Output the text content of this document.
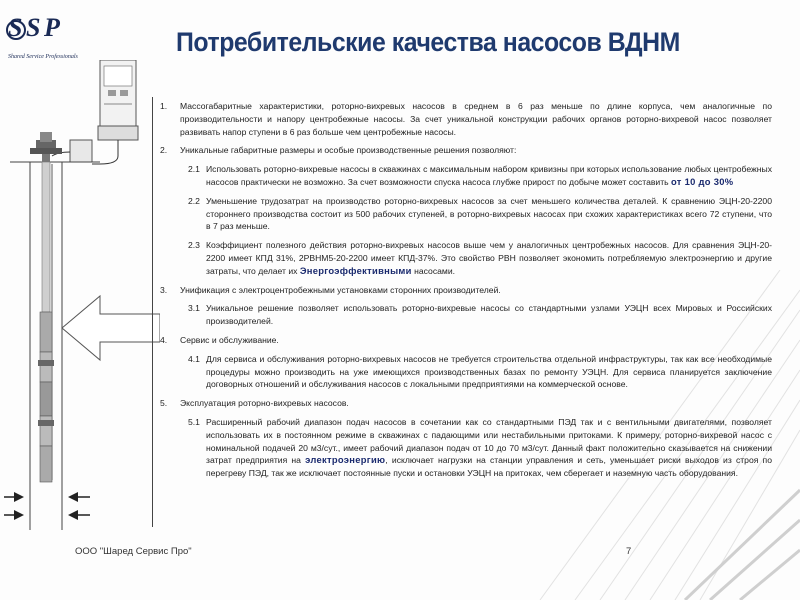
S S P
Shared Service Professionals	Потребительские качества насосов ВДНМ
1.	Массогабаритные характеристики, роторно-вихревых насосов в среднем в 6 раз меньше по длине корпуса, чем аналогичные по производительности и напору центробежные насосы. За счет уникальной конструкции рабочих органов роторно-вихревой насос позволяет развивать напор ступени в 6 раз больше чем центробежные насосы.
2.	Уникальные габаритные размеры и особые производственные решения позволяют:
2.1 Использовать роторно-вихревые насосы в скважинах с максимальным набором кривизны при которых использование любых центробежных насосов практически не возможно. За счет возможности спуска насоса глубже прирост по добыче может составить от 10 до 30%
2.2 Уменьшение трудозатрат на производство роторно-вихревых насосов за счет меньшего количества деталей. К сравнению ЭЦН-20-2200 стороннего производства состоит из 500 рабочих ступеней, в роторно-вихревых насосах при схожих характеристиках всего 72 ступени, что в 7 раз меньше.
2.3 Коэффициент полезного действия роторно-вихревых насосов выше чем у аналогичных центробежных насосов. Для сравнения ЭЦН-20-2200 имеет КПД 31%, 2РВНМ5-20-2200 имеет КПД-37%. Это свойство РВН позволяет экономить потребляемую электроэнергию и другие затраты, что делает их Энергоэффективными насосами.
3.	Унификация с электроцентробежными установками сторонних производителей.
3.1 Уникальное решение позволяет использовать роторно-вихревые насосы со стандартными узлами УЭЦН всех Мировых и Российских производителей.
4.	Сервис и обслуживание.
4.1 Для сервиса и обслуживания роторно-вихревых насосов не требуется строительства отдельной инфраструктуры, так как все необходимые процедуры можно производить на уже имеющихся производственных базах по ремонту УЭЦН. Для сервиса планируется заключение договорных отношений и обслуживания насосов с локальными предприятиями на коммерческой основе.
5.	Эксплуатация роторно-вихревых насосов.
5.1 Расширенный рабочий диапазон подач насосов в сочетании как со стандартными ПЭД так и с вентильными двигателями, позволяет использовать их в постоянном режиме в скважинах с падающими или нестабильными притоками. К примеру, роторно-вихревой насос с номинальной подачей 20 м3/сут., имеет рабочий диапазон подач от 10 до 70 м3/сут. Данный факт положительно сказывается на снижении затрат предприятия на электроэнергию, исключает нагрузки на станции управления и сеть, уменьшает риски выходов из строя по перегреву ПЭД, так же исключает постоянные пуски и остановки УЭЦН на притоках, чем сберегает и наземную часть оборудования.
ООО "Шаред Сервис Про"	7
